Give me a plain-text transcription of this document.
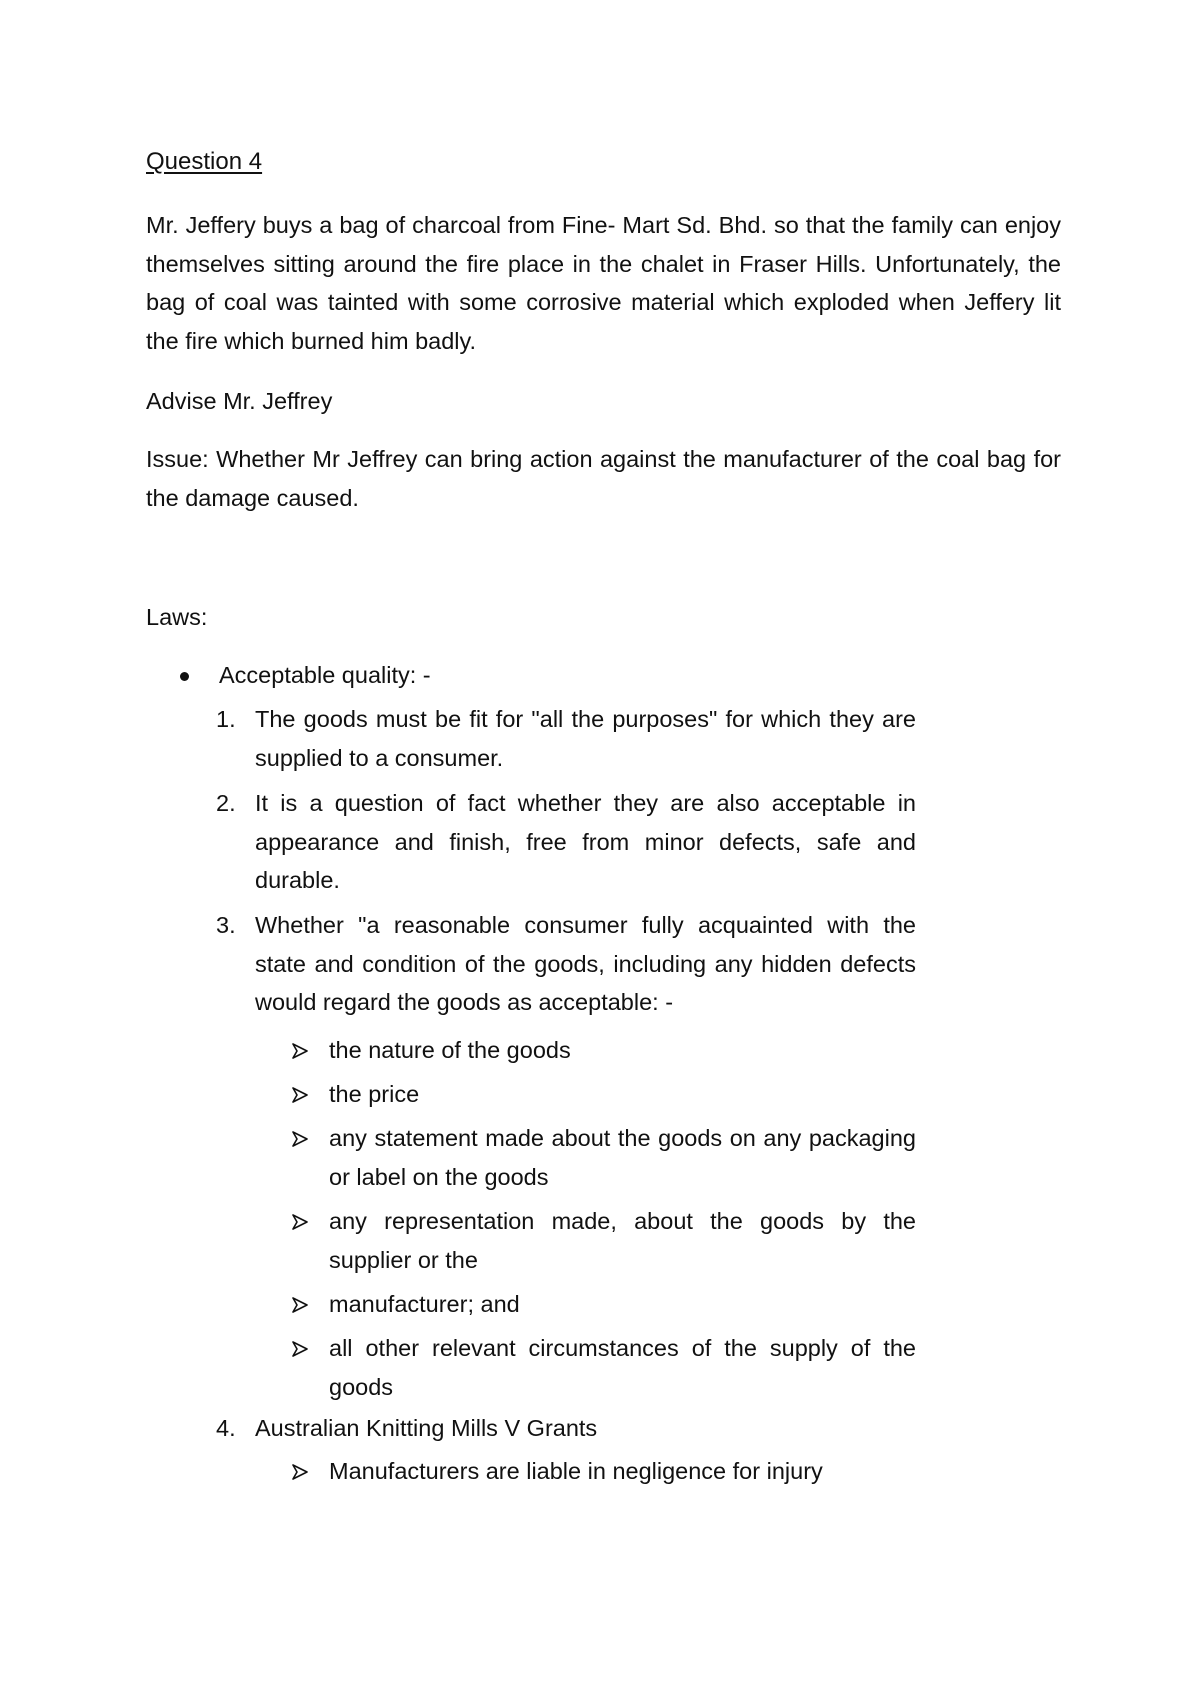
Question 4
Mr. Jeffery buys a bag of charcoal from Fine- Mart Sd. Bhd. so that the family can enjoy themselves sitting around the fire place in the chalet in Fraser Hills. Unfortunately, the bag of coal was tainted with some corrosive material which exploded when Jeffery lit the fire which burned him badly.
Advise Mr. Jeffrey
Issue: Whether Mr Jeffrey can bring action against the manufacturer of the coal bag for the damage caused.
Laws:
Acceptable quality: -
1. The goods must be fit for "all the purposes" for which they are supplied to a consumer.
2. It is a question of fact whether they are also acceptable in appearance and finish, free from minor defects, safe and durable.
3. Whether "a reasonable consumer fully acquainted with the state and condition of the goods, including any hidden defects would regard the goods as acceptable: -
the nature of the goods
the price
any statement made about the goods on any packaging or label on the goods
any representation made, about the goods by the supplier or the
manufacturer; and
all other relevant circumstances of the supply of the goods
4. Australian Knitting Mills V Grants
Manufacturers are liable in negligence for injury
